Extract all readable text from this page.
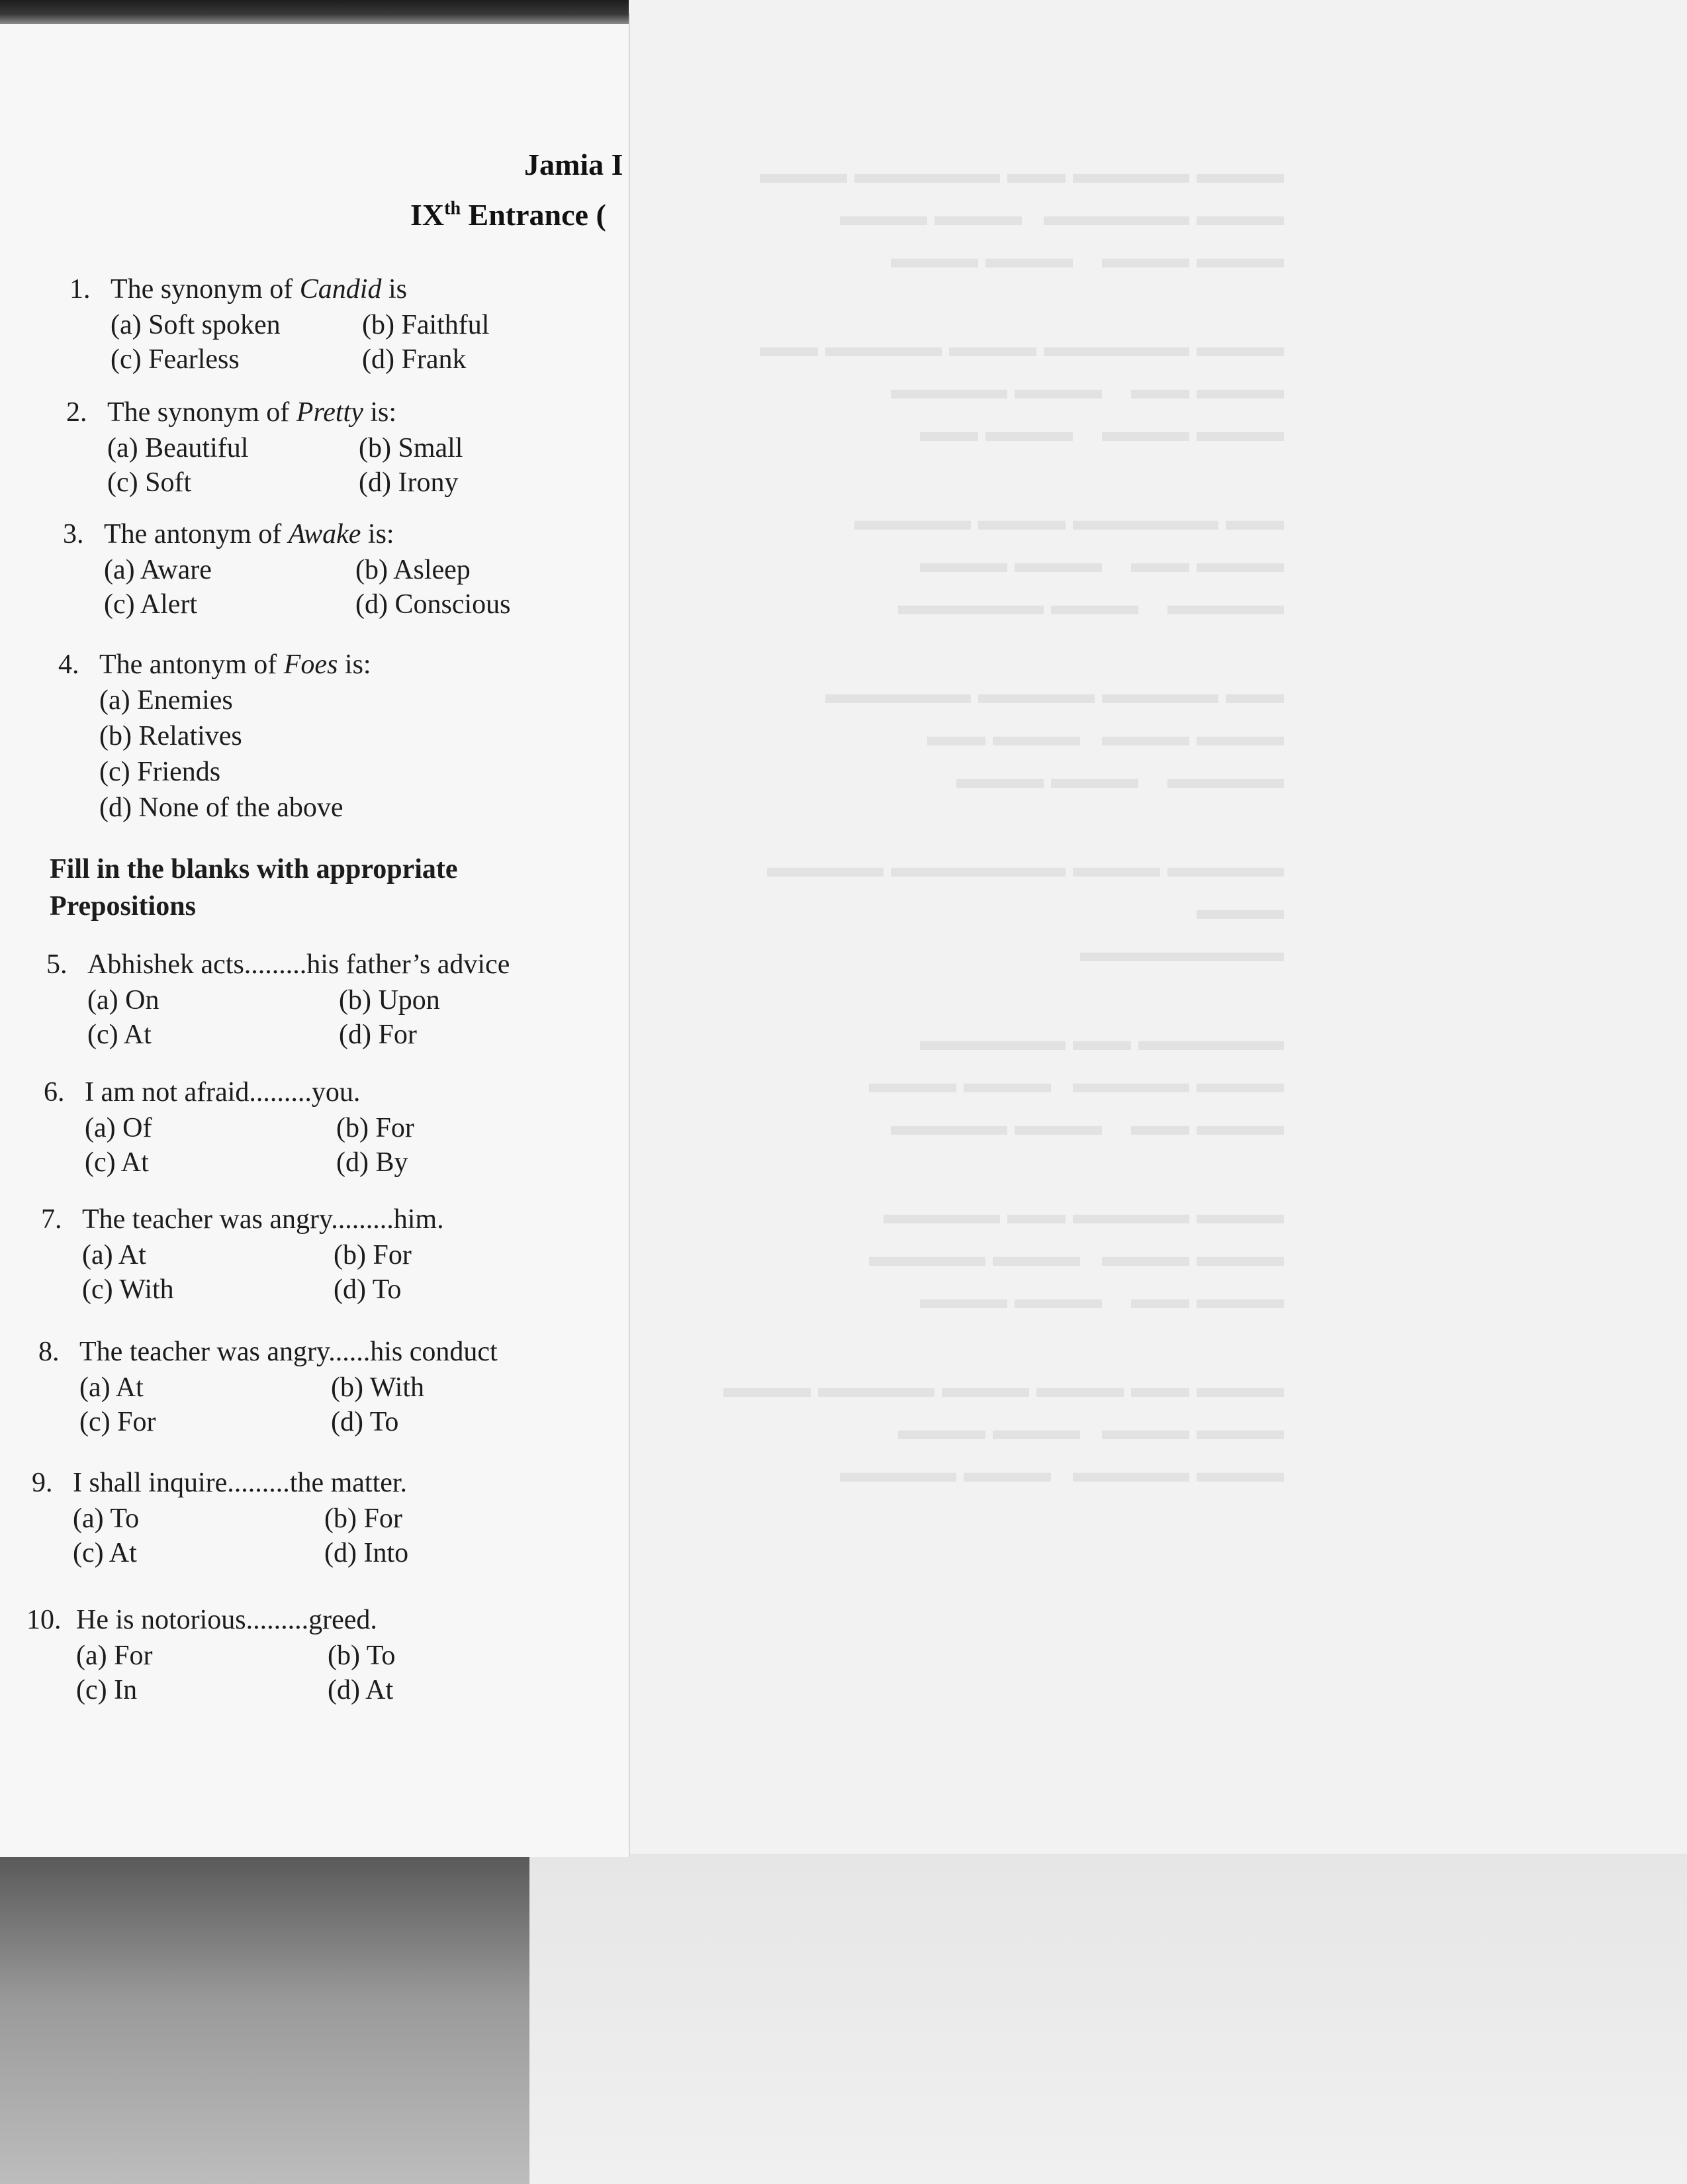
▬▬▬ ▬▬▬▬ ▬▬ ▬▬▬▬▬ ▬▬▬
▬▬▬ ▬▬▬▬▬   ▬▬▬ ▬▬▬
▬▬▬ ▬▬▬    ▬▬▬ ▬▬▬
▬▬▬ ▬▬▬▬▬ ▬▬▬ ▬▬▬▬ ▬▬
▬▬▬ ▬▬    ▬▬▬ ▬▬▬▬
▬▬▬ ▬▬▬    ▬▬▬ ▬▬
▬▬ ▬▬▬▬▬ ▬▬▬ ▬▬▬▬
▬▬▬ ▬▬    ▬▬▬ ▬▬▬
▬▬▬▬    ▬▬▬ ▬▬▬▬▬
▬▬ ▬▬▬▬ ▬▬▬▬ ▬▬▬▬▬
▬▬▬ ▬▬▬   ▬▬▬ ▬▬
▬▬▬▬    ▬▬▬ ▬▬▬
▬▬▬▬ ▬▬▬ ▬▬▬▬▬▬ ▬▬▬▬ ▬▬▬
▬▬▬▬▬▬▬
▬▬▬▬▬ ▬▬ ▬▬▬▬▬
▬▬▬ ▬▬▬▬   ▬▬▬ ▬▬▬
▬▬▬ ▬▬    ▬▬▬ ▬▬▬▬
▬▬▬ ▬▬▬▬ ▬▬ ▬▬▬▬
▬▬▬ ▬▬▬   ▬▬▬ ▬▬▬▬
▬▬▬ ▬▬    ▬▬▬ ▬▬▬
▬▬▬ ▬▬ ▬▬▬ ▬▬▬ ▬▬▬▬ ▬▬▬
▬▬▬ ▬▬▬   ▬▬▬ ▬▬▬
▬▬▬ ▬▬▬▬   ▬▬▬ ▬▬▬▬
Jamia I
IXth Entrance (
1. The synonym of Candid is
(a) Soft spoken	(b) Faithful
(c) Fearless	(d) Frank
2. The synonym of Pretty is:
(a) Beautiful	(b) Small
(c) Soft	(d) Irony
3. The antonym of Awake is:
(a) Aware	(b) Asleep
(c) Alert	(d) Conscious
4. The antonym of Foes is:
(a) Enemies
(b) Relatives
(c) Friends
(d) None of the above
Fill in the blanks with appropriate Prepositions
5. Abhishek acts.........his father’s advice
(a) On	(b) Upon
(c) At	(d) For
6. I am not afraid.........you.
(a) Of	(b) For
(c) At	(d) By
7. The teacher was angry.........him.
(a) At	(b) For
(c) With	(d) To
8. The teacher was angry......his conduct
(a) At	(b) With
(c) For	(d) To
9. I shall inquire.........the matter.
(a) To	(b) For
(c) At	(d) Into
10. He is notorious.........greed.
(a) For	(b) To
(c) In	(d) At
